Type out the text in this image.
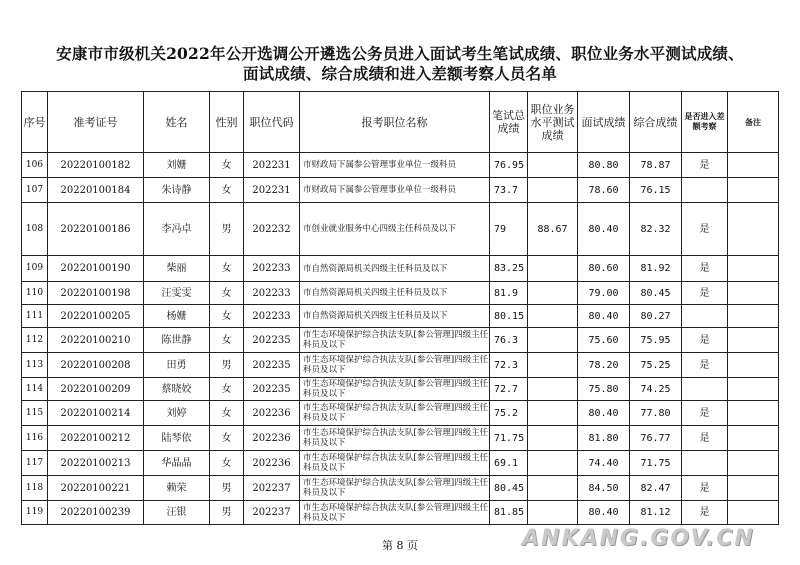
安康市市级机关2022年公开选调公开遴选公务员进入面试考生笔试成绩、职位业务水平测试成绩、
面试成绩、综合成绩和进入差额考察人员名单
序号	准考证号	姓名	性别	职位代码	报考职位名称	笔试总成绩	职位业务水平测试成绩	面试成绩	综合成绩	是否进入差额考察	备注
106	20220100182	刘姗	女	202231	市财政局下属参公管理事业单位一级科员	76.95		80.80	78.87	是	
107	20220100184	朱诗静	女	202231	市财政局下属参公管理事业单位一级科员	73.7		78.60	76.15		
108	20220100186	李冯卓	男	202232	市创业就业服务中心四级主任科员及以下	79	88.67	80.40	82.32	是	
109	20220100190	柴丽	女	202233	市自然资源局机关四级主任科员及以下	83.25		80.60	81.92	是	
110	20220100198	汪雯雯	女	202233	市自然资源局机关四级主任科员及以下	81.9		79.00	80.45	是	
111	20220100205	杨姗	女	202233	市自然资源局机关四级主任科员及以下	80.15		80.40	80.27		
112	20220100210	陈世静	女	202235	市生态环境保护综合执法支队[参公管理]四级主任科员及以下	76.3		75.60	75.95	是	
113	20220100208	田勇	男	202235	市生态环境保护综合执法支队[参公管理]四级主任科员及以下	72.3		78.20	75.25	是	
114	20220100209	蔡晓姣	女	202235	市生态环境保护综合执法支队[参公管理]四级主任科员及以下	72.7		75.80	74.25		
115	20220100214	刘婷	女	202236	市生态环境保护综合执法支队[参公管理]四级主任科员及以下	75.2		80.40	77.80	是	
116	20220100212	陆琴依	女	202236	市生态环境保护综合执法支队[参公管理]四级主任科员及以下	71.75		81.80	76.77	是	
117	20220100213	华晶晶	女	202236	市生态环境保护综合执法支队[参公管理]四级主任科员及以下	69.1		74.40	71.75		
118	20220100221	赖荣	男	202237	市生态环境保护综合执法支队[参公管理]四级主任科员及以下	80.45		84.50	82.47	是	
119	20220100239	汪银	男	202237	市生态环境保护综合执法支队[参公管理]四级主任科员及以下	81.85		80.40	81.12	是	
第 8 页	ANKANG.GOV.CN
